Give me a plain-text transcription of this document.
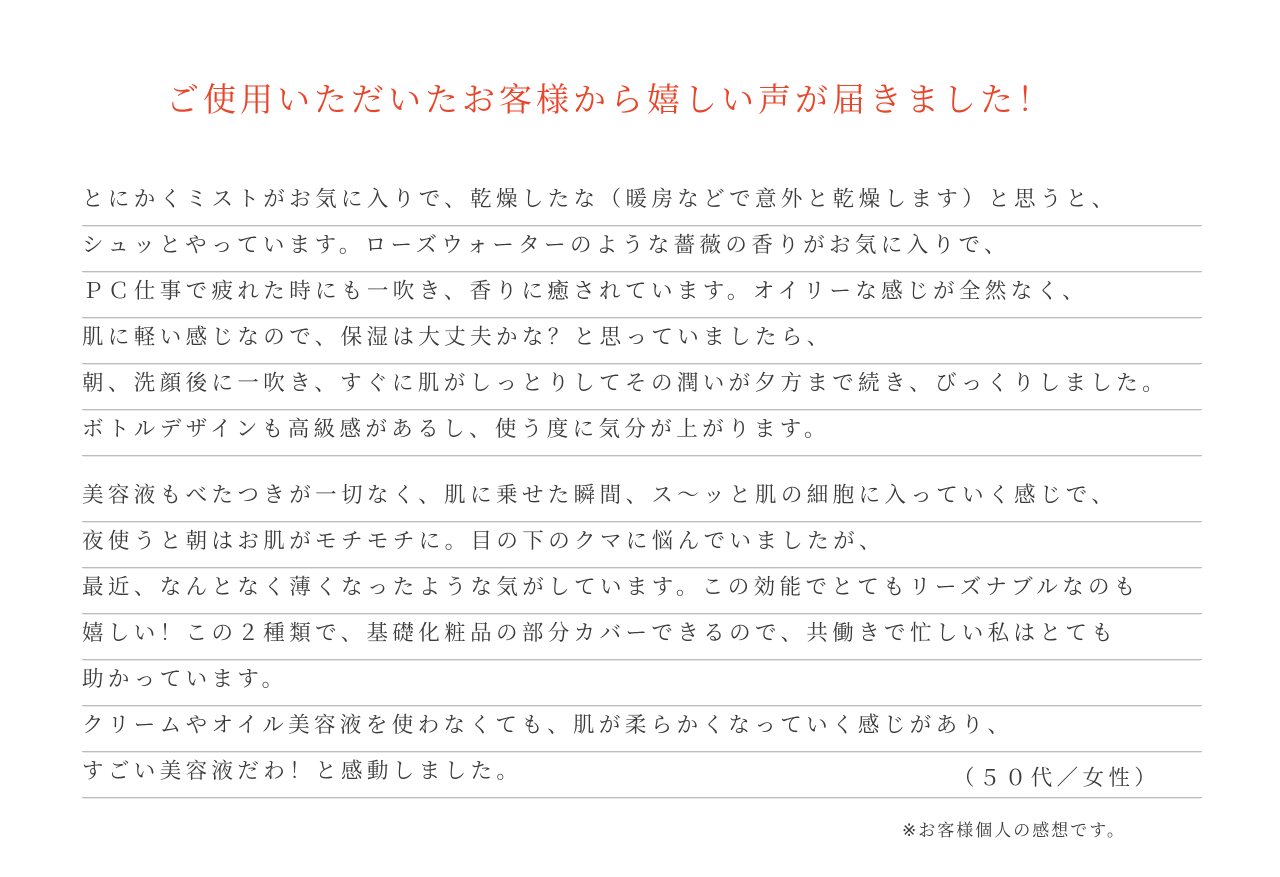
ご使用いただいたお客様から嬉しい声が届きました！
とにかくミストがお気に入りで、乾燥したな（暖房などで意外と乾燥します）と思うと、
シュッとやっています。ローズウォーターのような薔薇の香りがお気に入りで、
ＰＣ仕事で疲れた時にも一吹き、香りに癒されています。オイリーな感じが全然なく、
肌に軽い感じなので、保湿は大丈夫かな？と思っていましたら、
朝、洗顔後に一吹き、すぐに肌がしっとりしてその潤いが夕方まで続き、びっくりしました。
ボトルデザインも高級感があるし、使う度に気分が上がります。
美容液もべたつきが一切なく、肌に乗せた瞬間、ス～ッと肌の細胞に入っていく感じで、
夜使うと朝はお肌がモチモチに。目の下のクマに悩んでいましたが、
最近、なんとなく薄くなったような気がしています。この効能でとてもリーズナブルなのも
嬉しい！この２種類で、基礎化粧品の部分カバーできるので、共働きで忙しい私はとても
助かっています。
クリームやオイル美容液を使わなくても、肌が柔らかくなっていく感じがあり、
すごい美容液だわ！と感動しました。	（５０代／女性）
※お客様個人の感想です。
